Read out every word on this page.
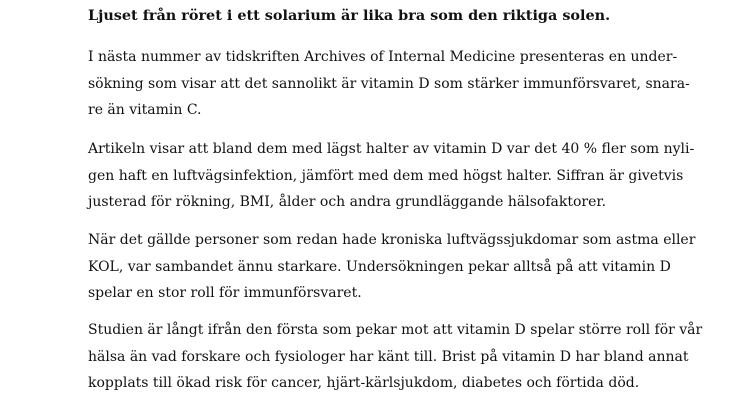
Ljuset från röret i ett solarium är lika bra som den riktiga solen.

I nästa nummer av tidskriften Archives of Internal Medicine presenteras en under-
sökning som visar att det sannolikt är vitamin D som stärker immunförsvaret, snara-
re än vitamin C.

Artikeln visar att bland dem med lägst halter av vitamin D var det 40 % fler som nyli-
gen haft en luftvägsinfektion, jämfört med dem med högst halter. Siffran är givetvis
justerad för rökning, BMI, ålder och andra grundläggande hälsofaktorer.

När det gällde personer som redan hade kroniska luftvägssjukdomar som astma eller
KOL, var sambandet ännu starkare. Undersökningen pekar alltså på att vitamin D
spelar en stor roll för immunförsvaret.

Studien är långt ifrån den första som pekar mot att vitamin D spelar större roll för vår
hälsa än vad forskare och fysiologer har känt till. Brist på vitamin D har bland annat
kopplats till ökad risk för cancer, hjärt-kärlsjukdom, diabetes och förtida död.
